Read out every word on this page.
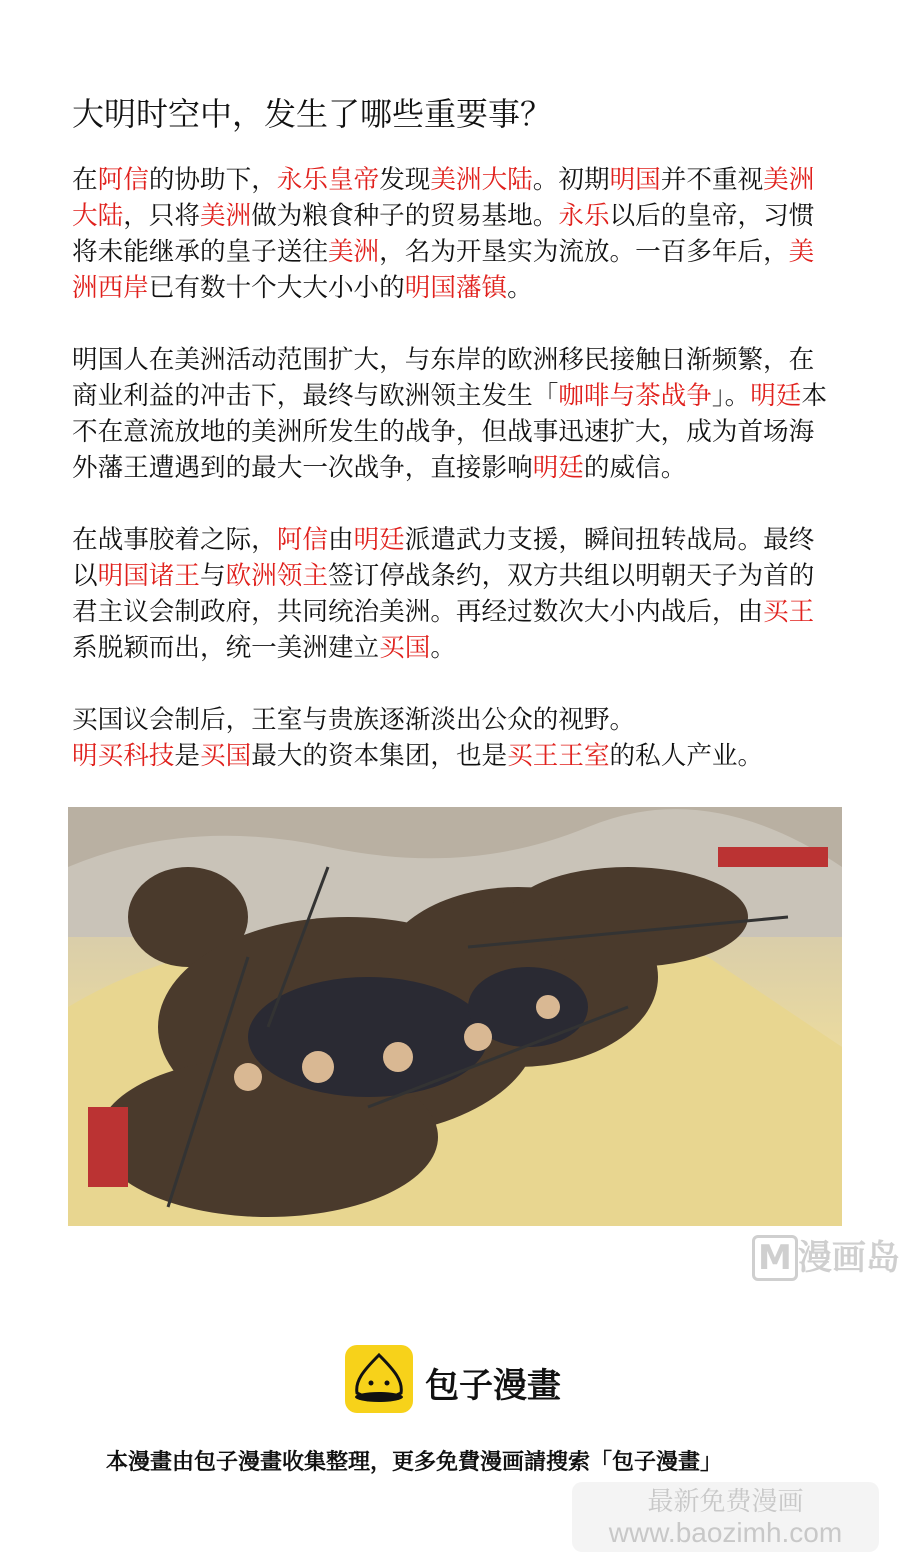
大明时空中，发生了哪些重要事？

在阿信的协助下，永乐皇帝发现美洲大陆。初期明国并不重视美洲大陆，只将美洲做为粮食种子的贸易基地。永乐以后的皇帝，习惯将未能继承的皇子送往美洲，名为开垦实为流放。一百多年后，美洲西岸已有数十个大大小小的明国藩镇。

明国人在美洲活动范围扩大，与东岸的欧洲移民接触日渐频繁，在商业利益的冲击下，最终与欧洲领主发生「咖啡与茶战争」。明廷本不在意流放地的美洲所发生的战争，但战事迅速扩大，成为首场海外藩王遭遇到的最大一次战争，直接影响明廷的威信。

在战事胶着之际，阿信由明廷派遣武力支援，瞬间扭转战局。最终以明国诸王与欧洲领主签订停战条约，双方共组以明朝天子为首的君主议会制政府，共同统治美洲。再经过数次大小内战后，由买王系脱颖而出，统一美洲建立买国。

买国议会制后，王室与贵族逐渐淡出公众的视野。
明买科技是买国最大的资本集团，也是买王王室的私人产业。

M 漫画岛
包子漫畫
本漫畫由包子漫畫收集整理，更多免費漫画請搜索「包子漫畫」
最新免费漫画
www.baozimh.com
